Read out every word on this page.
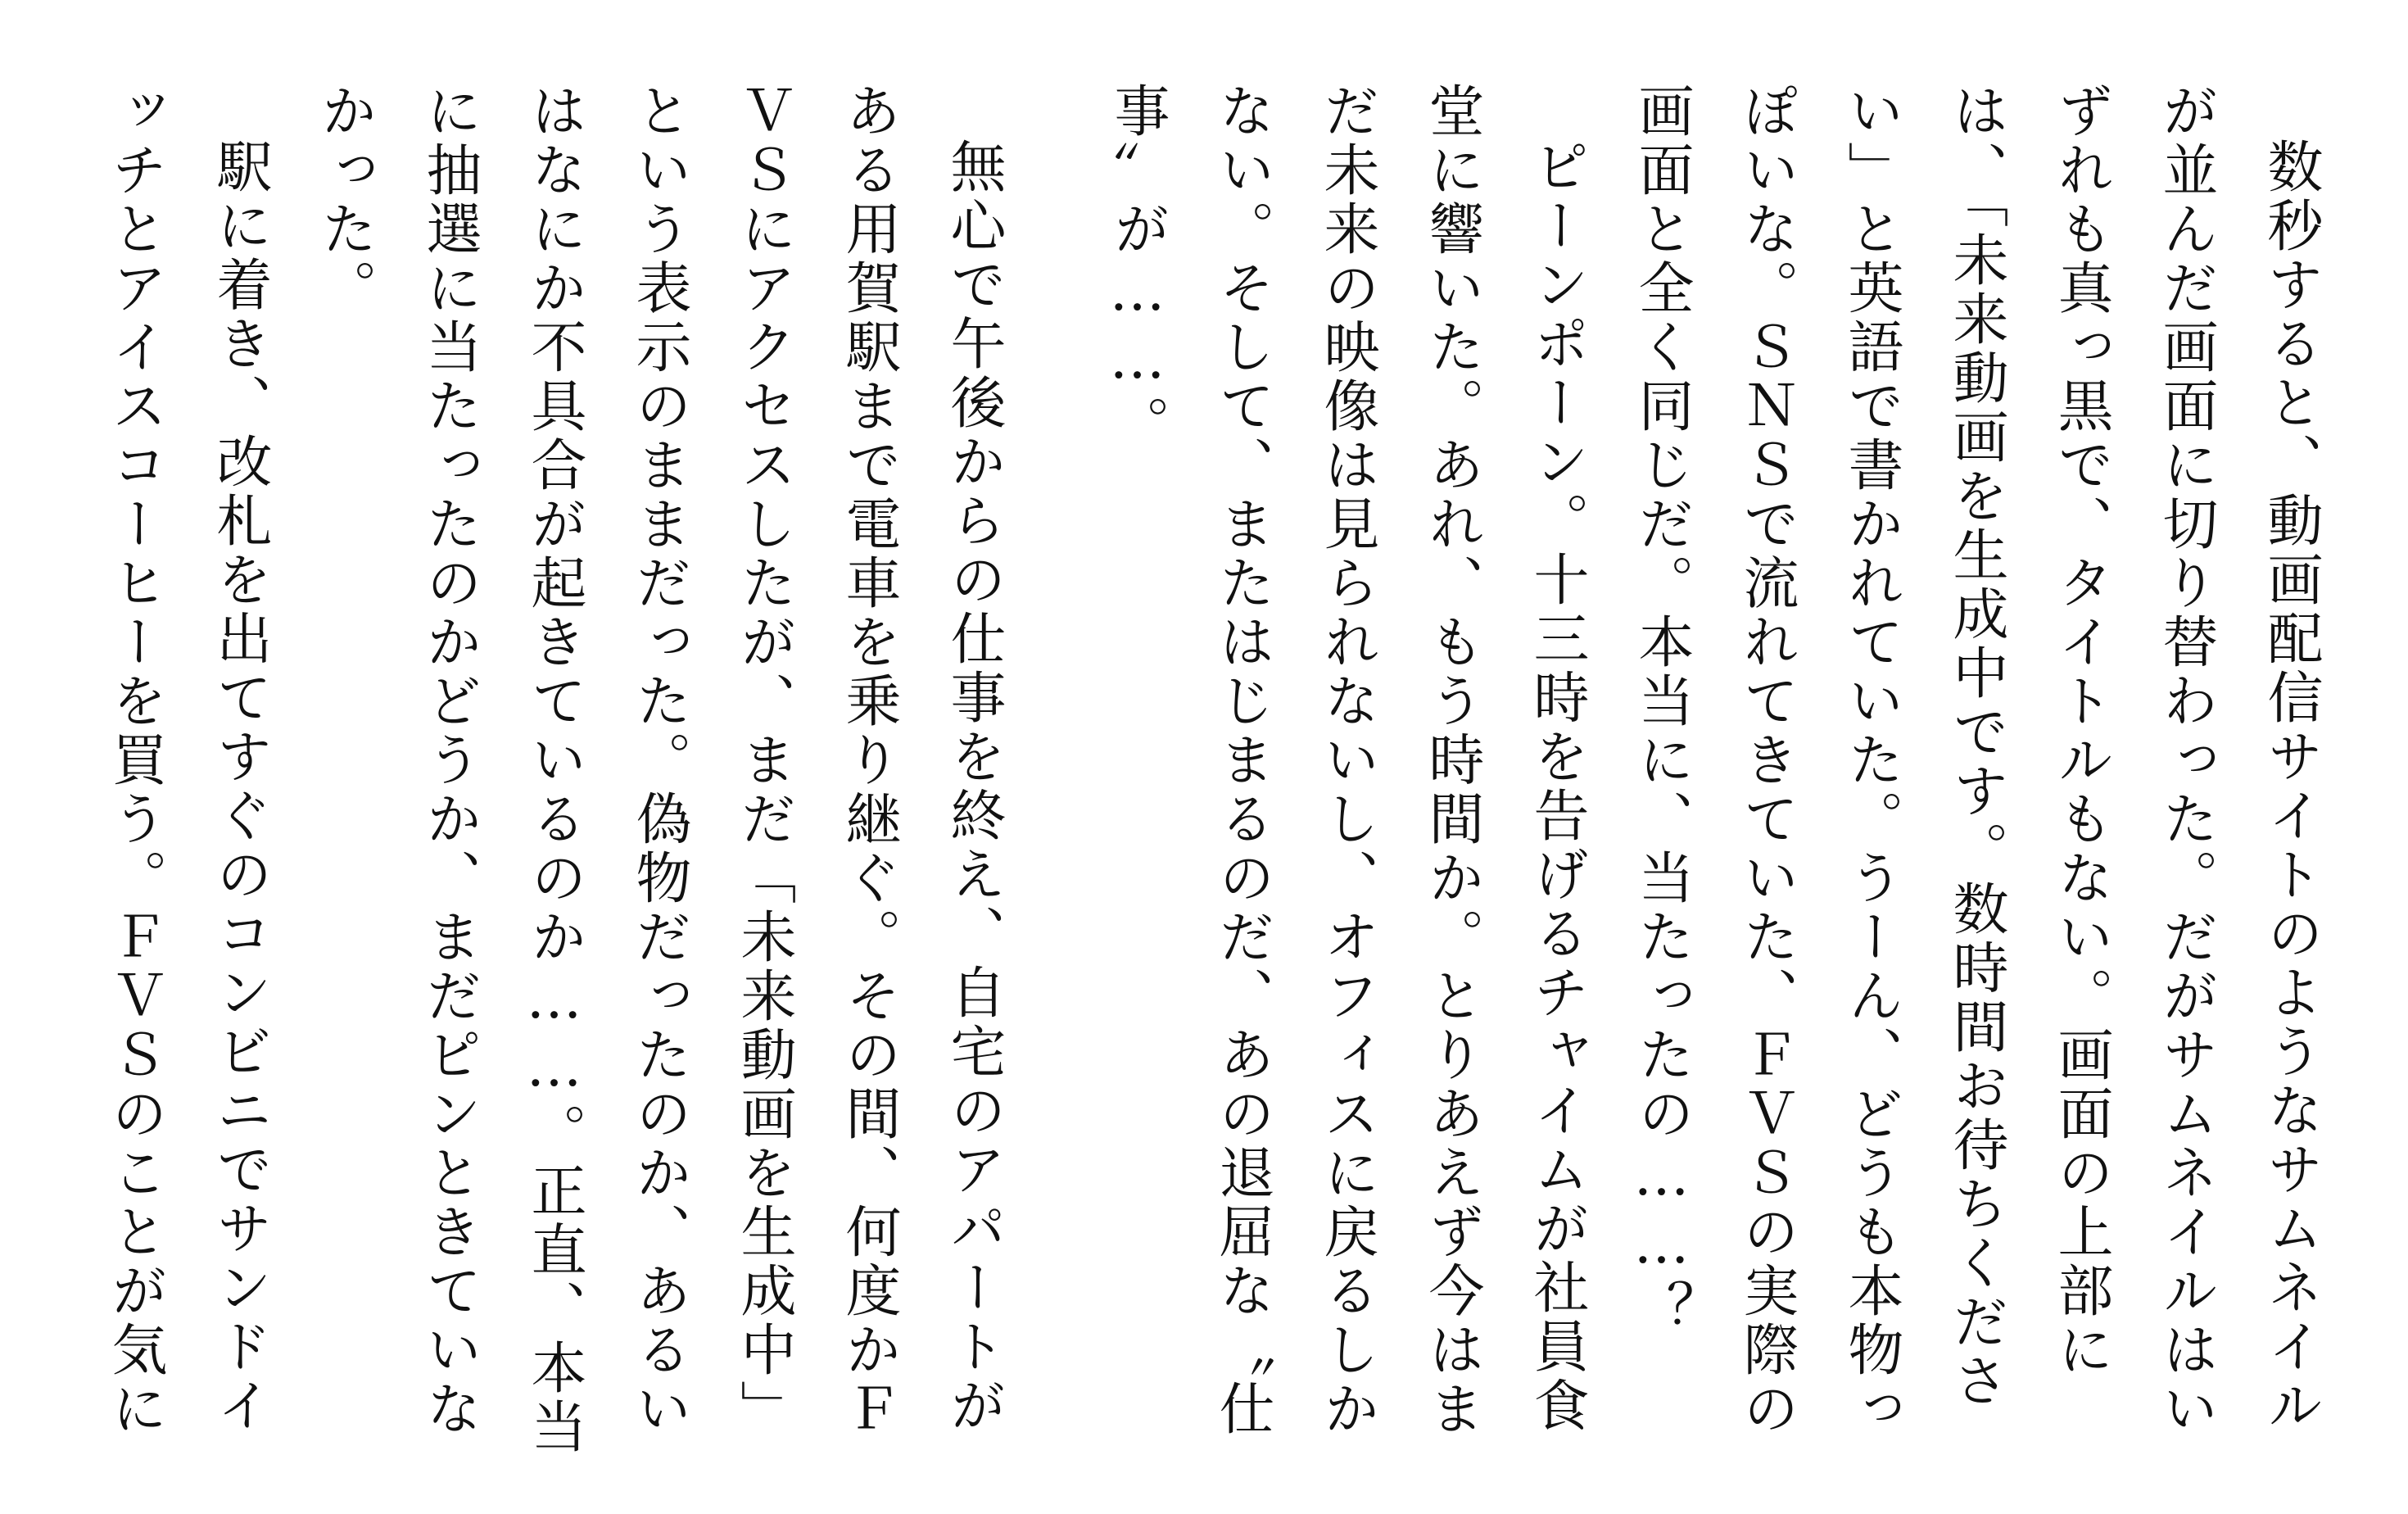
数秒すると、動画配信サイトのようなサムネイル
が並んだ画面に切り替わった。だがサムネイルはい
ずれも真っ黒で、タイトルもない。画面の上部に
は、「未来動画を生成中です。数時間お待ちくださ
い」と英語で書かれていた。うーん、どうも本物っ
ぽいな。ＳＮＳで流れてきていた、ＦＶＳの実際の
画面と全く同じだ。本当に、当たったの……？
ピーンポーン。十三時を告げるチャイムが社員食
堂に響いた。あれ、もう時間か。とりあえず今はま
だ未来の映像は見られないし、オフィスに戻るしか
ない。そして、またはじまるのだ、あの退屈な〝仕
事〟が……。
無心で午後からの仕事を終え、自宅のアパートが
ある用賀駅まで電車を乗り継ぐ。その間、何度かＦ
ＶＳにアクセスしたが、まだ「未来動画を生成中」
という表示のままだった。偽物だったのか、あるい
はなにか不具合が起きているのか……。正直、本当
に抽選に当たったのかどうか、まだピンときていな
かった。
駅に着き、改札を出てすぐのコンビニでサンドイ
ッチとアイスコーヒーを買う。ＦＶＳのことが気に
